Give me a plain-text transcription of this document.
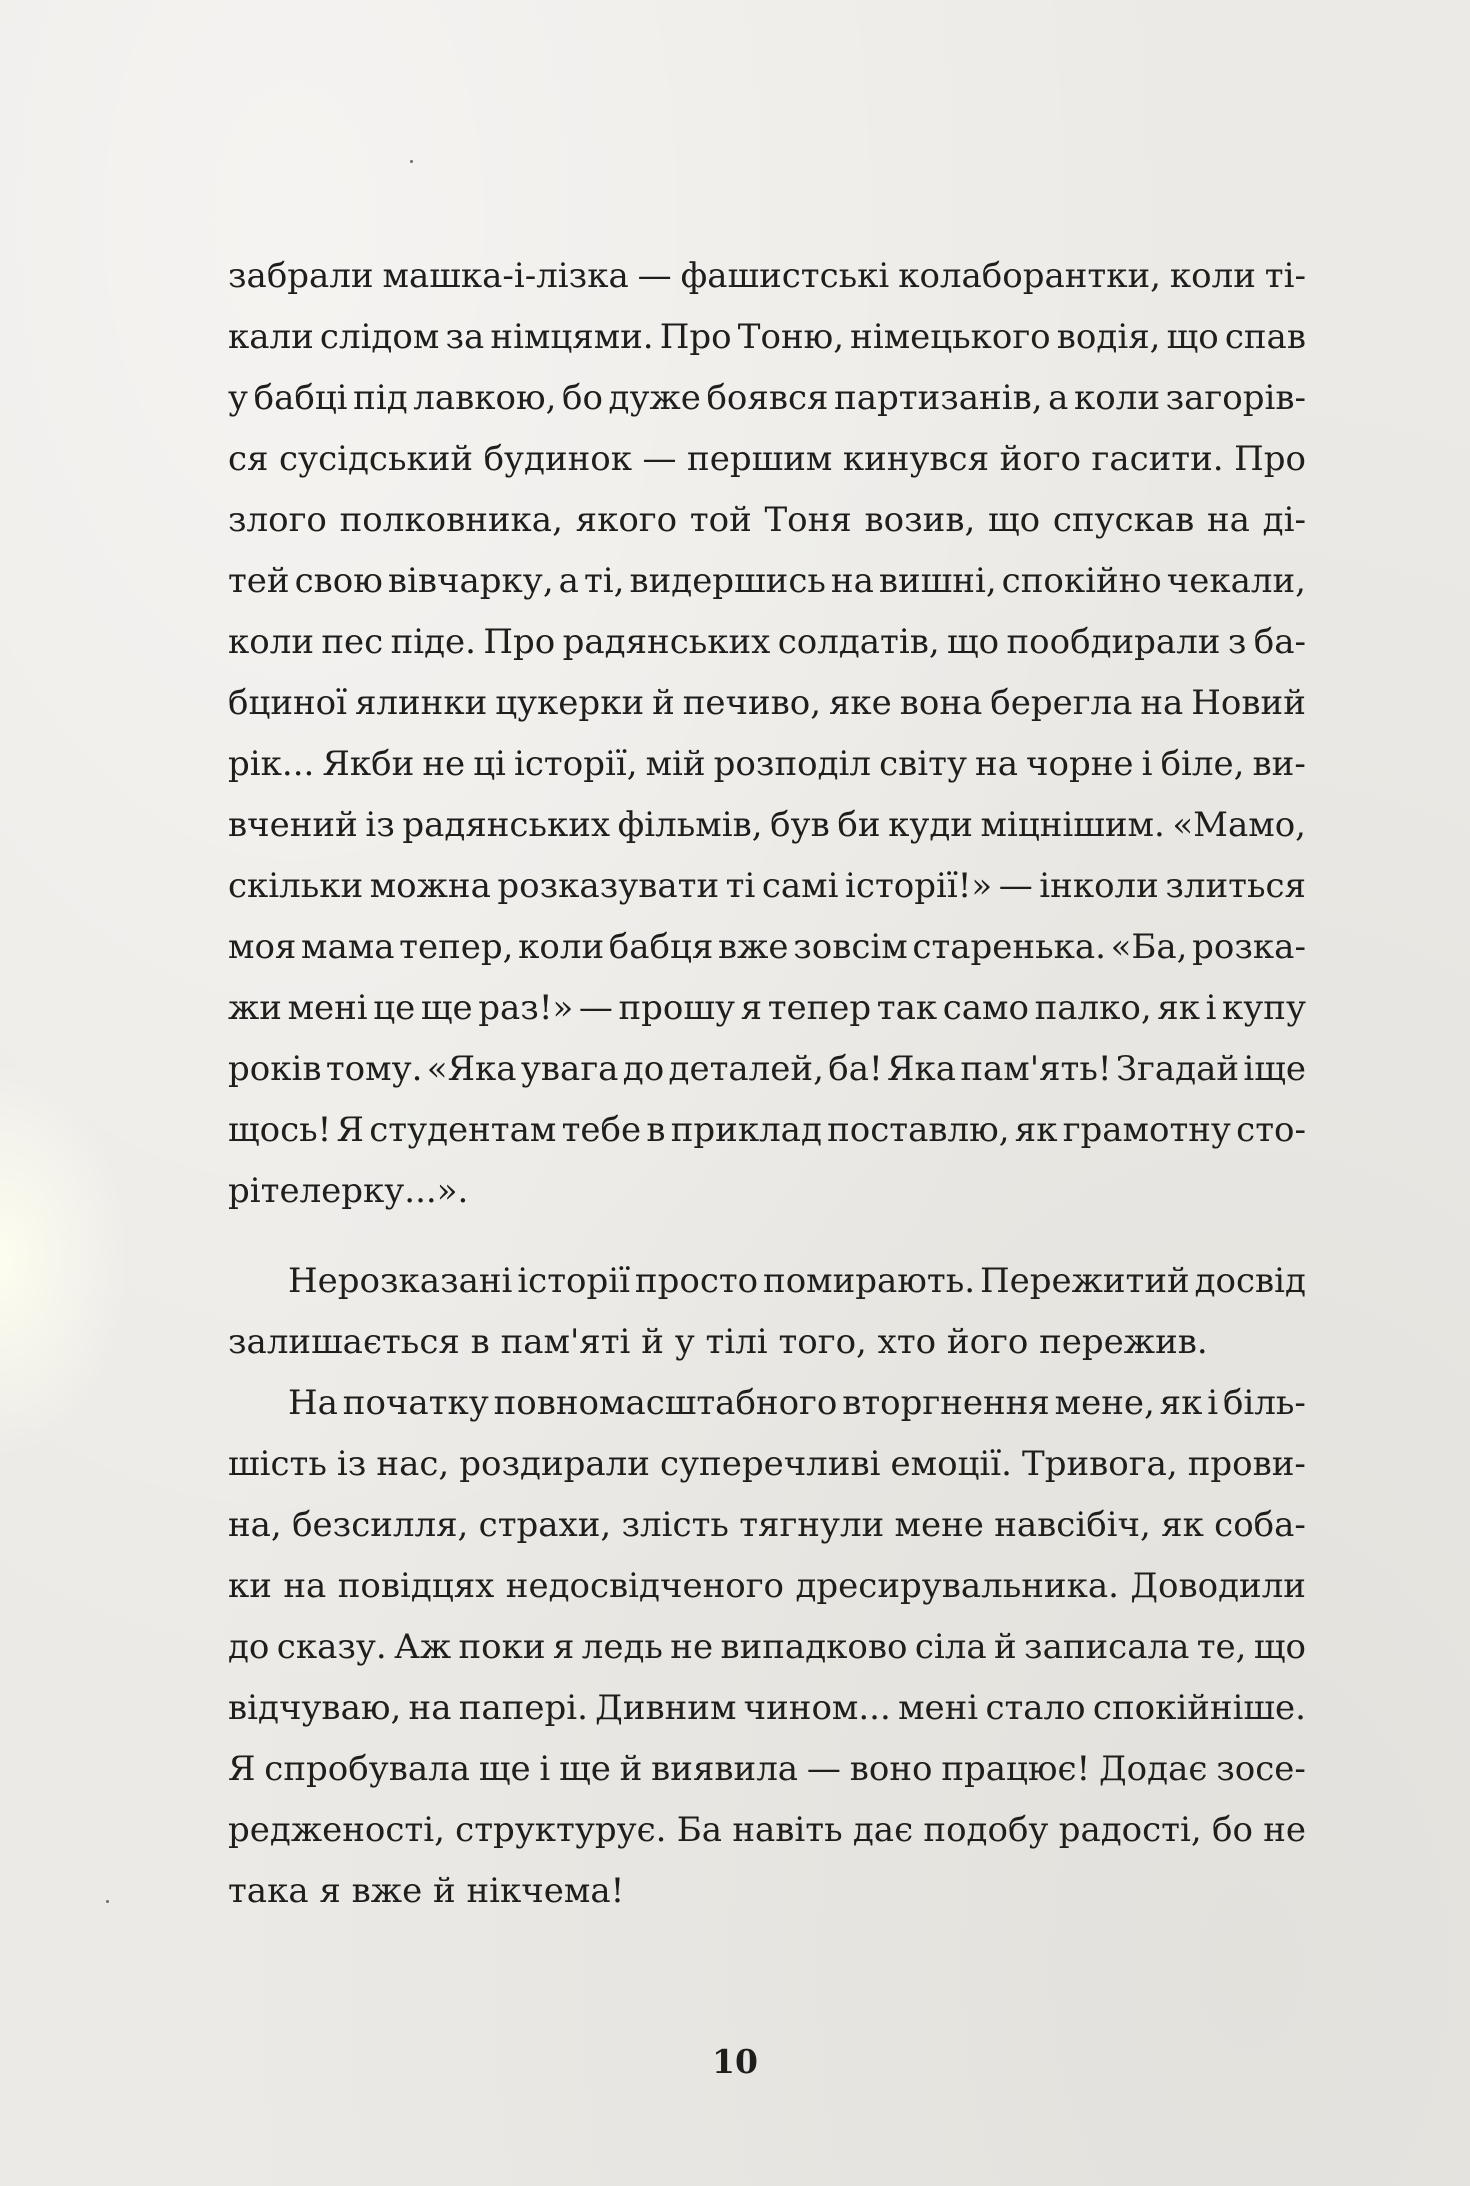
забрали машка-і-лізка — фашистські колаборантки, коли ті-
кали слідом за німцями. Про Тоню, німецького водія, що спав
у бабці під лавкою, бо дуже боявся партизанів, а коли загорів-
ся сусідський будинок — першим кинувся його гасити. Про
злого полковника, якого той Тоня возив, що спускав на ді-
тей свою вівчарку, а ті, видершись на вишні, спокійно чекали,
коли пес піде. Про радянських солдатів, що пообдирали з ба-
бциної ялинки цукерки й печиво, яке вона берегла на Новий
рік... Якби не ці історії, мій розподіл світу на чорне і біле, ви-
вчений із радянських фільмів, був би куди міцнішим. «Мамо,
скільки можна розказувати ті самі історії!» — інколи злиться
моя мама тепер, коли бабця вже зовсім старенька. «Ба, розка-
жи мені це ще раз!» — прошу я тепер так само палко, як і купу
років тому. «Яка увага до деталей, ба! Яка пам'ять! Згадай іще
щось! Я студентам тебе в приклад поставлю, як грамотну сто-
рітелерку...».
Нерозказані історії просто помирають. Пережитий досвід
залишається в пам'яті й у тілі того, хто його пережив.
На початку повномасштабного вторгнення мене, як і біль-
шість із нас, роздирали суперечливі емоції. Тривога, прови-
на, безсилля, страхи, злість тягнули мене навсібіч, як соба-
ки на повідцях недосвідченого дресирувальника. Доводили
до сказу. Аж поки я ледь не випадково сіла й записала те, що
відчуваю, на папері. Дивним чином... мені стало спокійніше.
Я спробувала ще і ще й виявила — воно працює! Додає зосе-
редженості, структурує. Ба навіть дає подобу радості, бо не
така я вже й нікчема!
10
